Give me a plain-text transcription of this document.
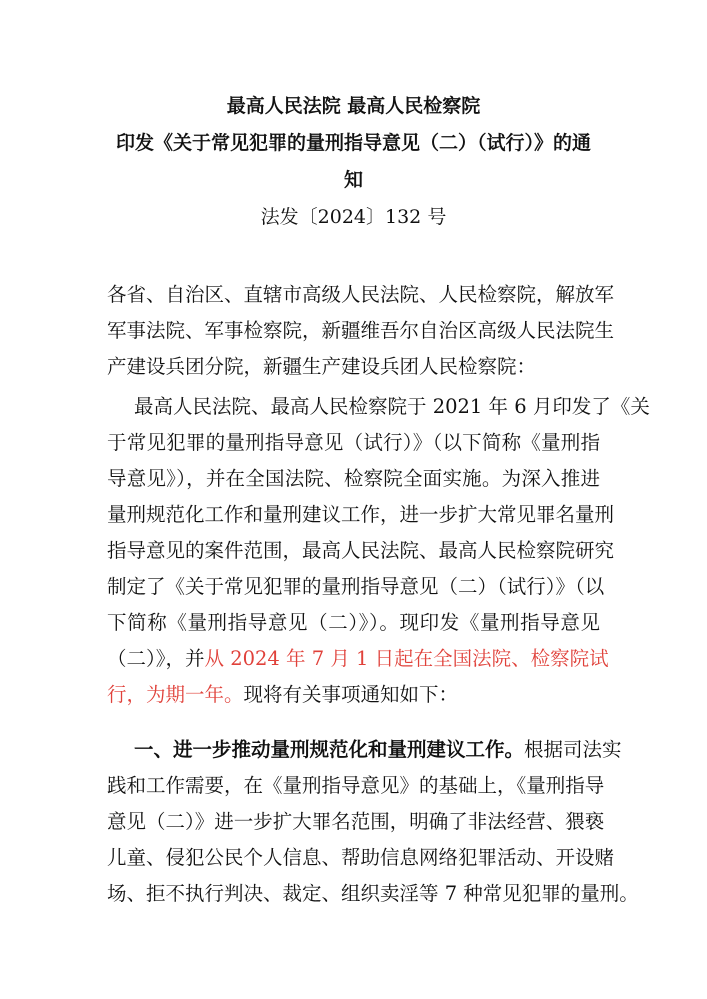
最高人民法院 最高人民检察院
印发《关于常见犯罪的量刑指导意见（二）（试行）》的通
知
法发〔2024〕132 号
各省、自治区、直辖市高级人民法院、人民检察院，解放军
军事法院、军事检察院，新疆维吾尔自治区高级人民法院生
产建设兵团分院，新疆生产建设兵团人民检察院：
最高人民法院、最高人民检察院于 2021 年 6 月印发了《关
于常见犯罪的量刑指导意见（试行）》（以下简称《量刑指
导意见》），并在全国法院、检察院全面实施。为深入推进
量刑规范化工作和量刑建议工作，进一步扩大常见罪名量刑
指导意见的案件范围，最高人民法院、最高人民检察院研究
制定了《关于常见犯罪的量刑指导意见（二）（试行）》（以
下简称《量刑指导意见（二）》）。现印发《量刑指导意见
（二）》，并从 2024 年 7 月 1 日起在全国法院、检察院试
行，为期一年。现将有关事项通知如下：
一、进一步推动量刑规范化和量刑建议工作。根据司法实
践和工作需要，在《量刑指导意见》的基础上，《量刑指导
意见（二）》进一步扩大罪名范围，明确了非法经营、猥亵
儿童、侵犯公民个人信息、帮助信息网络犯罪活动、开设赌
场、拒不执行判决、裁定、组织卖淫等 7 种常见犯罪的量刑。
